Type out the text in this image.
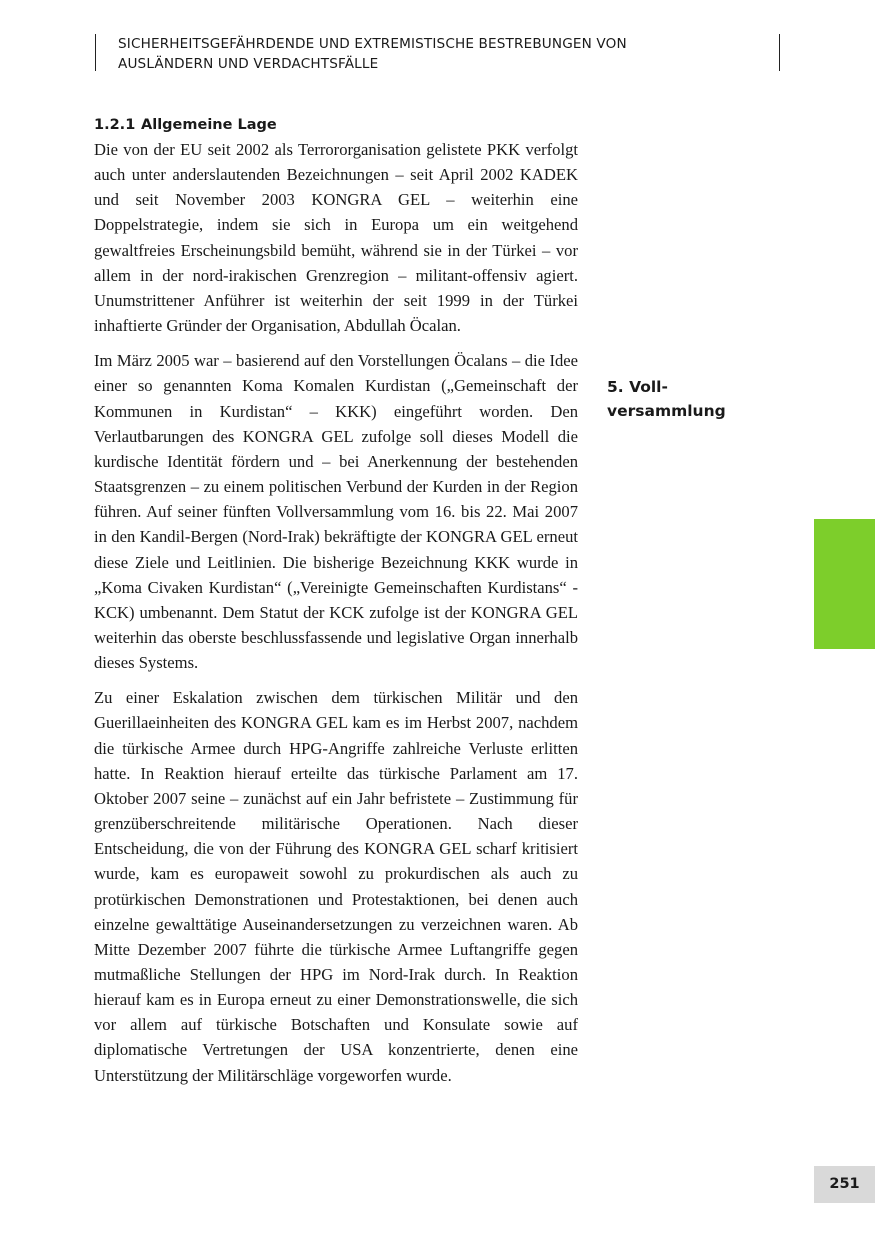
SICHERHEITSGEFÄHRDENDE UND EXTREMISTISCHE BESTREBUNGEN VON
AUSLÄNDERN UND VERDACHTSFÄLLE
1.2.1 Allgemeine Lage

Die von der EU seit 2002 als Terrororganisation gelistete PKK verfolgt auch unter anderslautenden Bezeichnungen – seit April 2002 KADEK und seit November 2003 KONGRA GEL – weiterhin eine Doppelstrategie, indem sie sich in Europa um ein weitgehend gewaltfreies Erscheinungsbild bemüht, während sie in der Türkei – vor allem in der nord-irakischen Grenzregion – militant-offensiv agiert. Unumstrittener Anführer ist weiterhin der seit 1999 in der Türkei inhaftierte Gründer der Organisation, Abdullah Öcalan.

Im März 2005 war – basierend auf den Vorstellungen Öcalans – die Idee einer so genannten Koma Komalen Kurdistan („Gemeinschaft der Kommunen in Kurdistan“ – KKK) eingeführt worden. Den Verlautbarungen des KONGRA GEL zufolge soll dieses Modell die kurdische Identität fördern und – bei Anerkennung der bestehenden Staatsgrenzen – zu einem politischen Verbund der Kurden in der Region führen. Auf seiner fünften Vollversammlung vom 16. bis 22. Mai 2007 in den Kandil-Bergen (Nord-Irak) bekräftigte der KONGRA GEL erneut diese Ziele und Leitlinien. Die bisherige Bezeichnung KKK wurde in „Koma Civaken Kurdistan“ („Vereinigte Gemeinschaften Kurdistans“ - KCK) umbenannt. Dem Statut der KCK zufolge ist der KONGRA GEL weiterhin das oberste beschlussfassende und legislative Organ innerhalb dieses Systems.

Zu einer Eskalation zwischen dem türkischen Militär und den Guerillaeinheiten des KONGRA GEL kam es im Herbst 2007, nachdem die türkische Armee durch HPG-Angriffe zahlreiche Verluste erlitten hatte. In Reaktion hierauf erteilte das türkische Parlament am 17. Oktober 2007 seine – zunächst auf ein Jahr befristete – Zustimmung für grenzüberschreitende militärische Operationen. Nach dieser Entscheidung, die von der Führung des KONGRA GEL scharf kritisiert wurde, kam es europaweit sowohl zu prokurdischen als auch zu protürkischen Demonstrationen und Protestaktionen, bei denen auch einzelne gewalttätige Auseinandersetzungen zu verzeichnen waren. Ab Mitte Dezember 2007 führte die türkische Armee Luftangriffe gegen mutmaßliche Stellungen der HPG im Nord-Irak durch. In Reaktion hierauf kam es in Europa erneut zu einer Demonstrationswelle, die sich vor allem auf türkische Botschaften und Konsulate sowie auf diplomatische Vertretungen der USA konzentrierte, denen eine Unterstützung der Militärschläge vorgeworfen wurde.

5. Voll-
versammlung
251
